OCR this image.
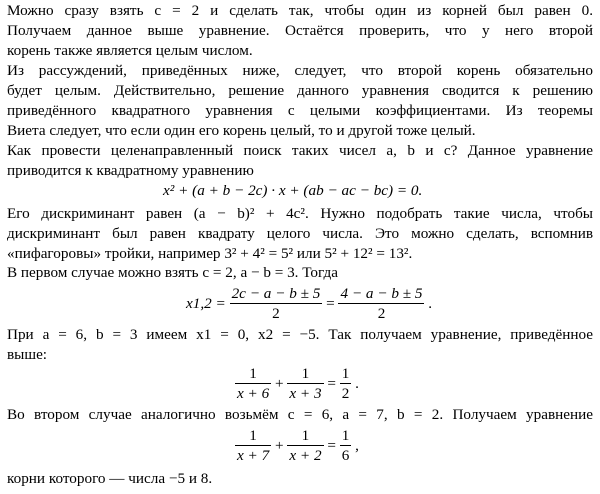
Можно сразу взять c = 2 и сделать так, чтобы один из корней был равен 0.
Получаем данное выше уравнение. Остаётся проверить, что у него второй
корень также является целым числом.
Из рассуждений, приведённых ниже, следует, что второй корень обязательно
будет целым. Действительно, решение данного уравнения сводится к решению
приведённого квадратного уравнения с целыми коэффициентами. Из теоремы
Виета следует, что если один его корень целый, то и другой тоже целый.
Как провести целенаправленный поиск таких чисел a, b и c? Данное уравнение
приводится к квадратному уравнению
x² + (a + b − 2c) · x + (ab − ac − bc) = 0.
Его дискриминант равен (a − b)² + 4c². Нужно подобрать такие числа, чтобы
дискриминант был равен квадрату целого числа. Это можно сделать, вспомнив
«пифагоровы» тройки, например 3² + 4² = 5² или 5² + 12² = 13².
В первом случае можно взять c = 2, a − b = 3. Тогда
$x1,2 = \frac{2c - a - b \pm 5}{2} = \frac{4 - a - b \pm 5}{2}$ .
При a = 6, b = 3 имеем x1 = 0, x2 = −5. Так получаем уравнение, приведённое
выше:
$\frac{1}{x + 6} + \frac{1}{x + 3} = \frac{1}{2}$ .
Во втором случае аналогично возьмём c = 6, a = 7, b = 2. Получаем уравнение
$\frac{1}{x + 7} + \frac{1}{x + 2} = \frac{1}{6}$ ,
корни которого — числа −5 и 8.
